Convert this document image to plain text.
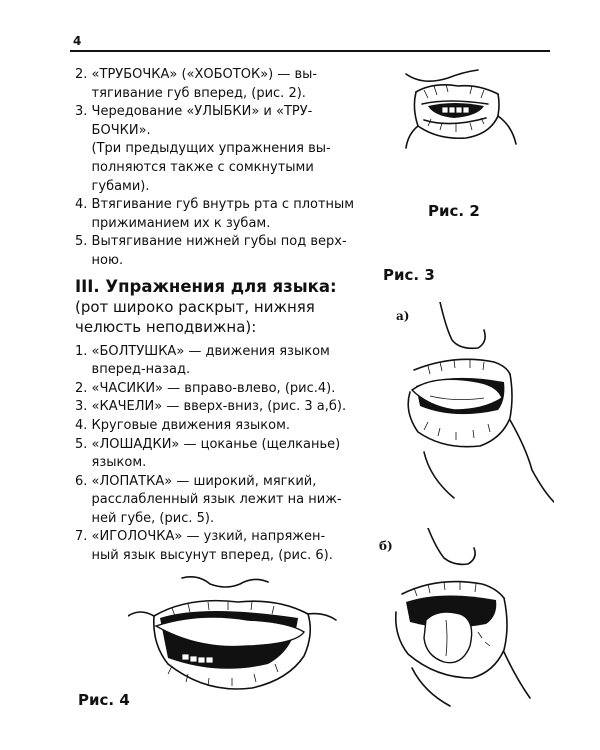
4
2. «ТРУБОЧКА» («ХОБОТОК») — вы-
тягивание губ вперед, (рис. 2).
3. Чередование «УЛЫБКИ» и «ТРУ-
БОЧКИ».
(Три предыдущих упражнения вы-
полняются также с сомкнутыми
губами).
4. Втягивание губ внутрь рта с плотным
прижиманием их к зубам.
5. Вытягивание нижней губы под верх-
ною.
III. Упражнения для языка:
(рот широко раскрыт, нижняя
челюсть неподвижна):
1. «БОЛТУШКА» — движения языком
вперед-назад.
2. «ЧАСИКИ» — вправо-влево, (рис.4).
3. «КАЧЕЛИ» — вверх-вниз, (рис. 3 а,б).
4. Круговые движения языком.
5. «ЛОШАДКИ» — цоканье (щелканье)
языком.
6. «ЛОПАТКА» — широкий, мягкий,
расслабленный язык лежит на ниж-
ней губе, (рис. 5).
7. «ИГОЛОЧКА» — узкий, напряжен-
ный язык высунут вперед, (рис. 6).
Рис. 2
Рис. 3
а)
б)
Рис. 4
